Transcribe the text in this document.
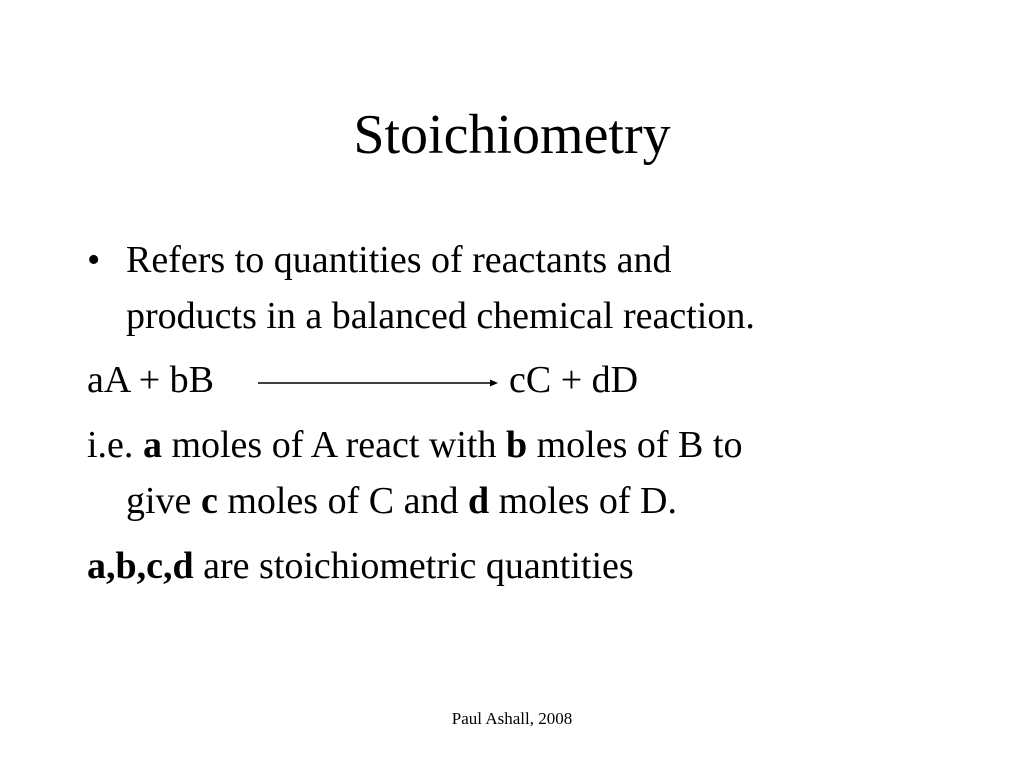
Stoichiometry
• Refers to quantities of reactants and
products in a balanced chemical reaction.
aA + bB	cC + dD
i.e. a moles of A react with b moles of B to
give c moles of C and d moles of D.
a,b,c,d are stoichiometric quantities
Paul Ashall, 2008
